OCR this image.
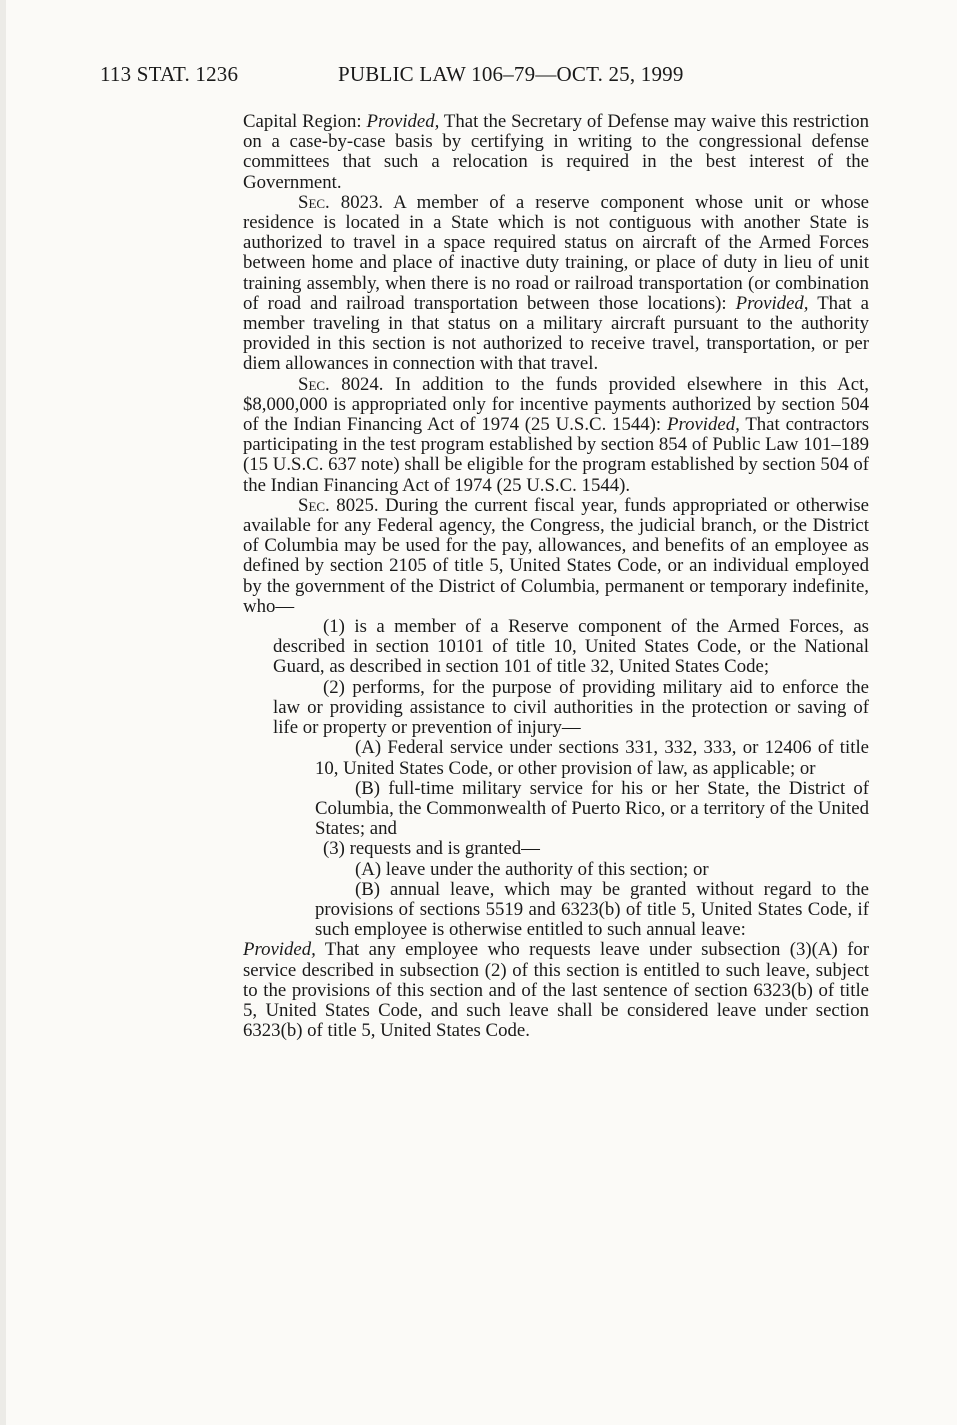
113 STAT. 1236	PUBLIC LAW 106–79—OCT. 25, 1999

Capital Region: Provided, That the Secretary of Defense may waive this restriction on a case-by-case basis by certifying in writing to the congressional defense committees that such a relocation is required in the best interest of the Government.

Sec. 8023. A member of a reserve component whose unit or whose residence is located in a State which is not contiguous with another State is authorized to travel in a space required status on aircraft of the Armed Forces between home and place of inactive duty training, or place of duty in lieu of unit training assembly, when there is no road or railroad transportation (or combination of road and railroad transportation between those locations): Provided, That a member traveling in that status on a military aircraft pursuant to the authority provided in this section is not authorized to receive travel, transportation, or per diem allowances in connection with that travel.

Sec. 8024. In addition to the funds provided elsewhere in this Act, $8,000,000 is appropriated only for incentive payments authorized by section 504 of the Indian Financing Act of 1974 (25 U.S.C. 1544): Provided, That contractors participating in the test program established by section 854 of Public Law 101–189 (15 U.S.C. 637 note) shall be eligible for the program established by section 504 of the Indian Financing Act of 1974 (25 U.S.C. 1544).

Sec. 8025. During the current fiscal year, funds appropriated or otherwise available for any Federal agency, the Congress, the judicial branch, or the District of Columbia may be used for the pay, allowances, and benefits of an employee as defined by section 2105 of title 5, United States Code, or an individual employed by the government of the District of Columbia, permanent or temporary indefinite, who—

(1) is a member of a Reserve component of the Armed Forces, as described in section 10101 of title 10, United States Code, or the National Guard, as described in section 101 of title 32, United States Code;

(2) performs, for the purpose of providing military aid to enforce the law or providing assistance to civil authorities in the protection or saving of life or property or prevention of injury—

(A) Federal service under sections 331, 332, 333, or 12406 of title 10, United States Code, or other provision of law, as applicable; or

(B) full-time military service for his or her State, the District of Columbia, the Commonwealth of Puerto Rico, or a territory of the United States; and

(3) requests and is granted—

(A) leave under the authority of this section; or

(B) annual leave, which may be granted without regard to the provisions of sections 5519 and 6323(b) of title 5, United States Code, if such employee is otherwise entitled to such annual leave:

Provided, That any employee who requests leave under subsection (3)(A) for service described in subsection (2) of this section is entitled to such leave, subject to the provisions of this section and of the last sentence of section 6323(b) of title 5, United States Code, and such leave shall be considered leave under section 6323(b) of title 5, United States Code.
